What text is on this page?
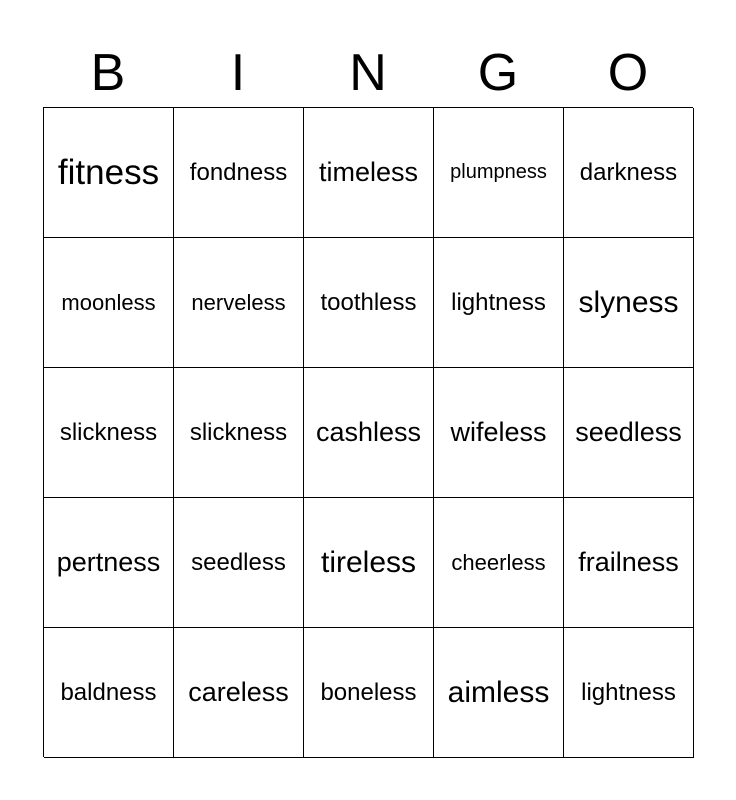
B	I	N	G	O
fitness	fondness	timeless	plumpness	darkness
moonless	nerveless	toothless	lightness	slyness
slickness	slickness	cashless	wifeless	seedless
pertness	seedless	tireless	cheerless	frailness
baldness	careless	boneless	aimless	lightness
